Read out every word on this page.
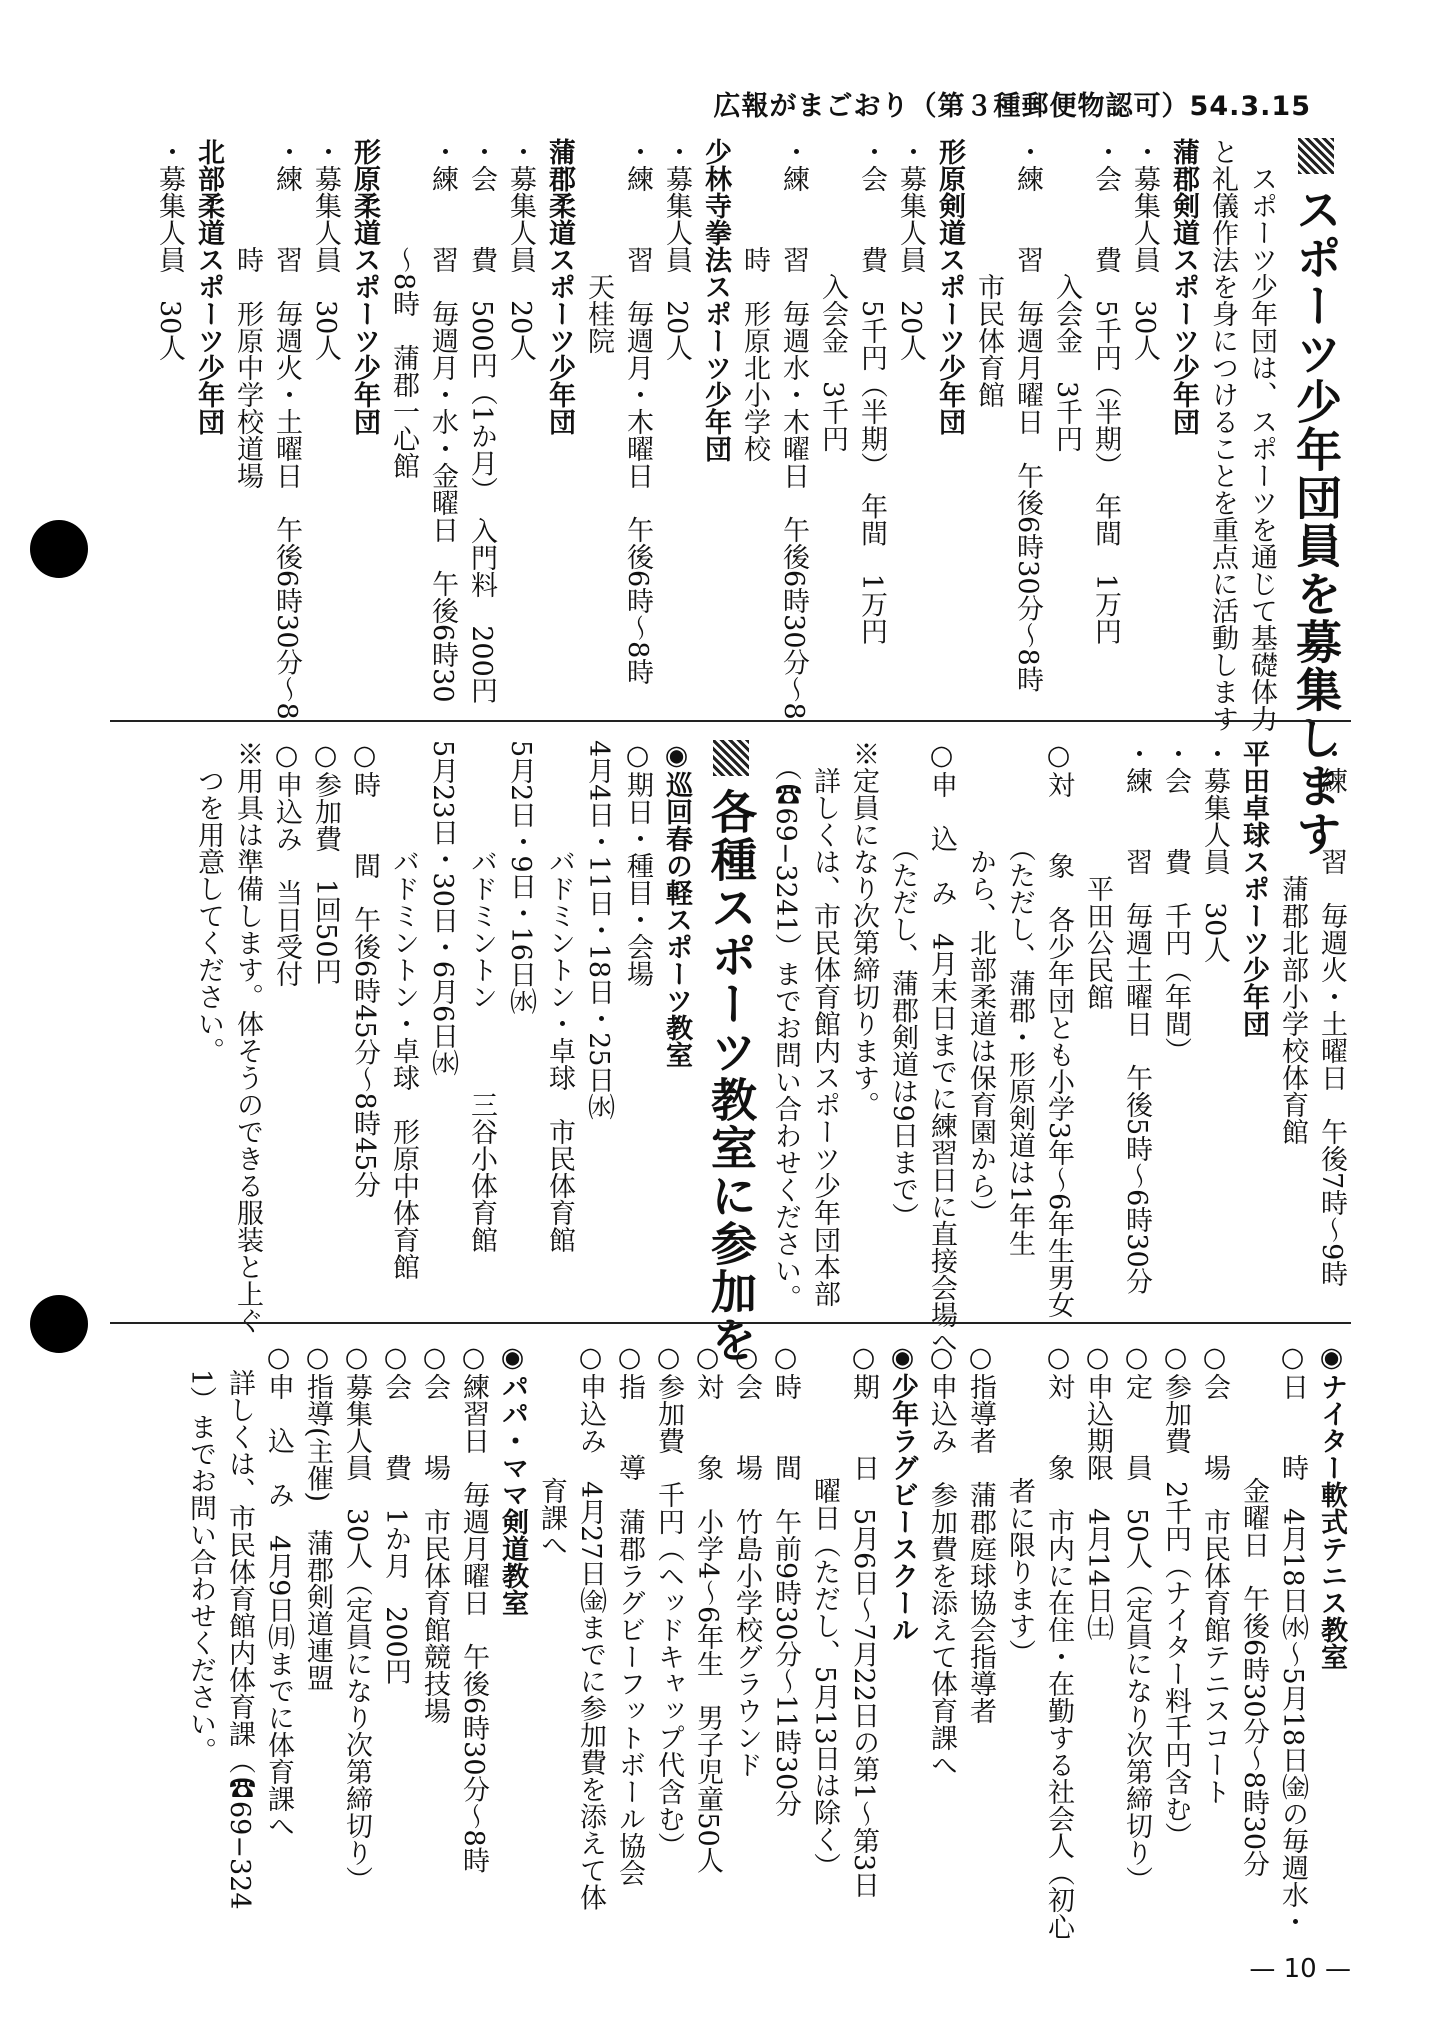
広報がまごおり（第３種郵便物認可）54.3.15
スポーツ少年団員を募集します
　スポーツ少年団は、スポーツを通じて基礎体力
と礼儀作法を身につけることを重点に活動します
蒲郡剣道スポーツ少年団
・募集人員　30人
・会　　費　5千円（半期）　年間　1万円
　　　　　入会金　3千円
・練　　習　毎週月曜日　午後6時30分〜8時
　　　　　市民体育館
形原剣道スポーツ少年団
・募集人員　20人
・会　　費　5千円（半期）　年間　1万円
　　　　　入会金　3千円
・練　　習　毎週水・木曜日　午後6時30分〜8
　　　　時　形原北小学校
少林寺拳法スポーツ少年団
・募集人員　20人
・練　　習　毎週月・木曜日　午後6時〜8時
　　　　　天桂院
蒲郡柔道スポーツ少年団
・募集人員　20人
・会　　費　500円（1か月）　入門料　200円
・練　　習　毎週月・水・金曜日　午後6時30
　　　　〜8時　蒲郡一心館
形原柔道スポーツ少年団
・募集人員　30人
・練　　習　毎週火・土曜日　午後6時30分〜8
　　　　時　形原中学校道場
北部柔道スポーツ少年団
・募集人員　30人
・練　　習　毎週火・土曜日　午後7時〜9時
　　　　　蒲郡北部小学校体育館
平田卓球スポーツ少年団
・募集人員　30人
・会　　費　千円（年間）
・練　　習　毎週土曜日　午後5時〜6時30分
　　　　　平田公民館
○対　　象　各少年団とも小学3年〜6年生男女
　　　　（ただし、蒲郡・形原剣道は1年生
　　　　から、北部柔道は保育園から）
○申　込　み　4月末日までに練習日に直接会場へ
　　　　（ただし、蒲郡剣道は9日まで）
※定員になり次第締切ります。
　詳しくは、市民体育館内スポーツ少年団本部
　（☎69−3241）までお問い合わせください。
各種スポーツ教室に参加を
◉巡回春の軽スポーツ教室
○期日・種目・会場
4月4日・11日・18日・25日㈬
　　　　バドミントン・卓球　市民体育館
5月2日・9日・16日㈬
　　　　バドミントン　　　三谷小体育館
5月23日・30日・6月6日㈬
　　　　バドミントン・卓球　形原中体育館
○時　　間　午後6時45分〜8時45分
○参加費　1回50円
○申込み　当日受付
※用具は準備します。体そうのできる服装と上ぐ
　つを用意してください。
◉ナイター軟式テニス教室
○日　　時　4月18日㈬〜5月18日㈮の毎週水・
　　　　　金曜日　午後6時30分〜8時30分
○会　　場　市民体育館テニスコート
○参加費　2千円（ナイター料千円含む）
○定　　員　50人（定員になり次第締切り）
○申込期限　4月14日㈯
○対　　象　市内に在住・在勤する社会人（初心
　　　　　者に限ります）
○指導者　蒲郡庭球協会指導者
○申込み　参加費を添えて体育課へ
◉少年ラグビースクール
○期　　日　5月6日〜7月22日の第1〜第3日
　　　　　曜日（ただし、5月13日は除く）
○時　　間　午前9時30分〜11時30分
○会　　場　竹島小学校グラウンド
○対　　象　小学4〜6年生　男子児童50人
○参加費　千円（ヘッドキャップ代含む）
○指　　導　蒲郡ラグビーフットボール協会
○申込み　4月27日㈮までに参加費を添えて体
　　　　　育課へ
◉パパ・ママ剣道教室
○練習日　毎週月曜日　午後6時30分〜8時
○会　　場　市民体育館競技場
○会　　費　1か月　200円
○募集人員　30人（定員になり次第締切り）
○指導(主催)　蒲郡剣道連盟
○申　込　み　4月9日㈪までに体育課へ
　詳しくは、市民体育館内体育課（☎69−324
　1）までお問い合わせください。
— 10 —
